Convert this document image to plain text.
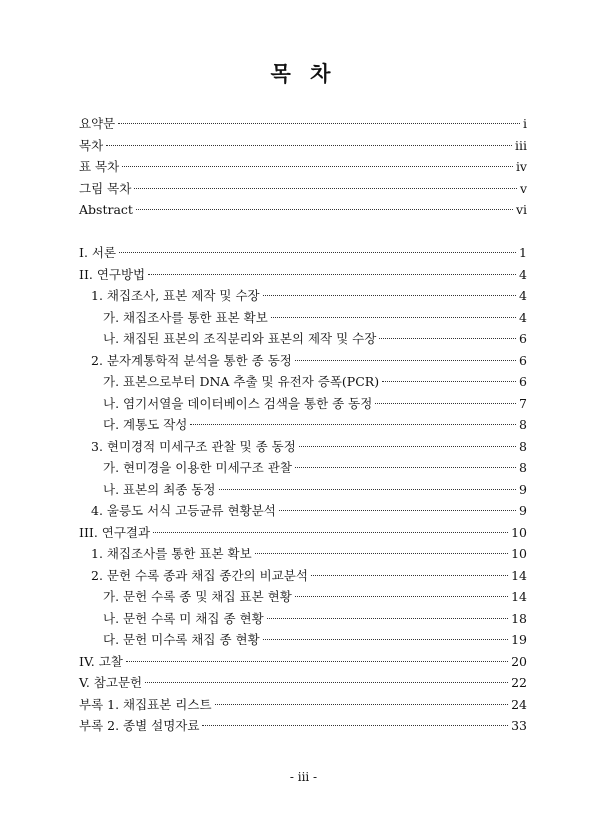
목 차
요약문	i
목차	iii
표 목차	iv
그림 목차	v
Abstract	vi
I. 서론	1
II. 연구방법	4
1. 채집조사, 표본 제작 및 수장	4
가. 채집조사를 통한 표본 확보	4
나. 채집된 표본의 조직분리와 표본의 제작 및 수장	6
2. 분자계통학적 분석을 통한 종 동정	6
가. 표본으로부터 DNA 추출 및 유전자 증폭(PCR)	6
나. 염기서열을 데이터베이스 검색을 통한 종 동정	7
다. 계통도 작성	8
3. 현미경적 미세구조 관찰 및 종 동정	8
가. 현미경을 이용한 미세구조 관찰	8
나. 표본의 최종 동정	9
4. 울릉도 서식 고등균류 현황분석	9
III. 연구결과	10
1. 채집조사를 통한 표본 확보	10
2. 문헌 수록 종과 채집 종간의 비교분석	14
가. 문헌 수록 종 및 채집 표본 현황	14
나. 문헌 수록 미 채집 종 현황	18
다. 문헌 미수록 채집 종 현황	19
IV. 고찰	20
V. 참고문헌	22
부록 1. 채집표본 리스트	24
부록 2. 종별 설명자료	33
- iii -
